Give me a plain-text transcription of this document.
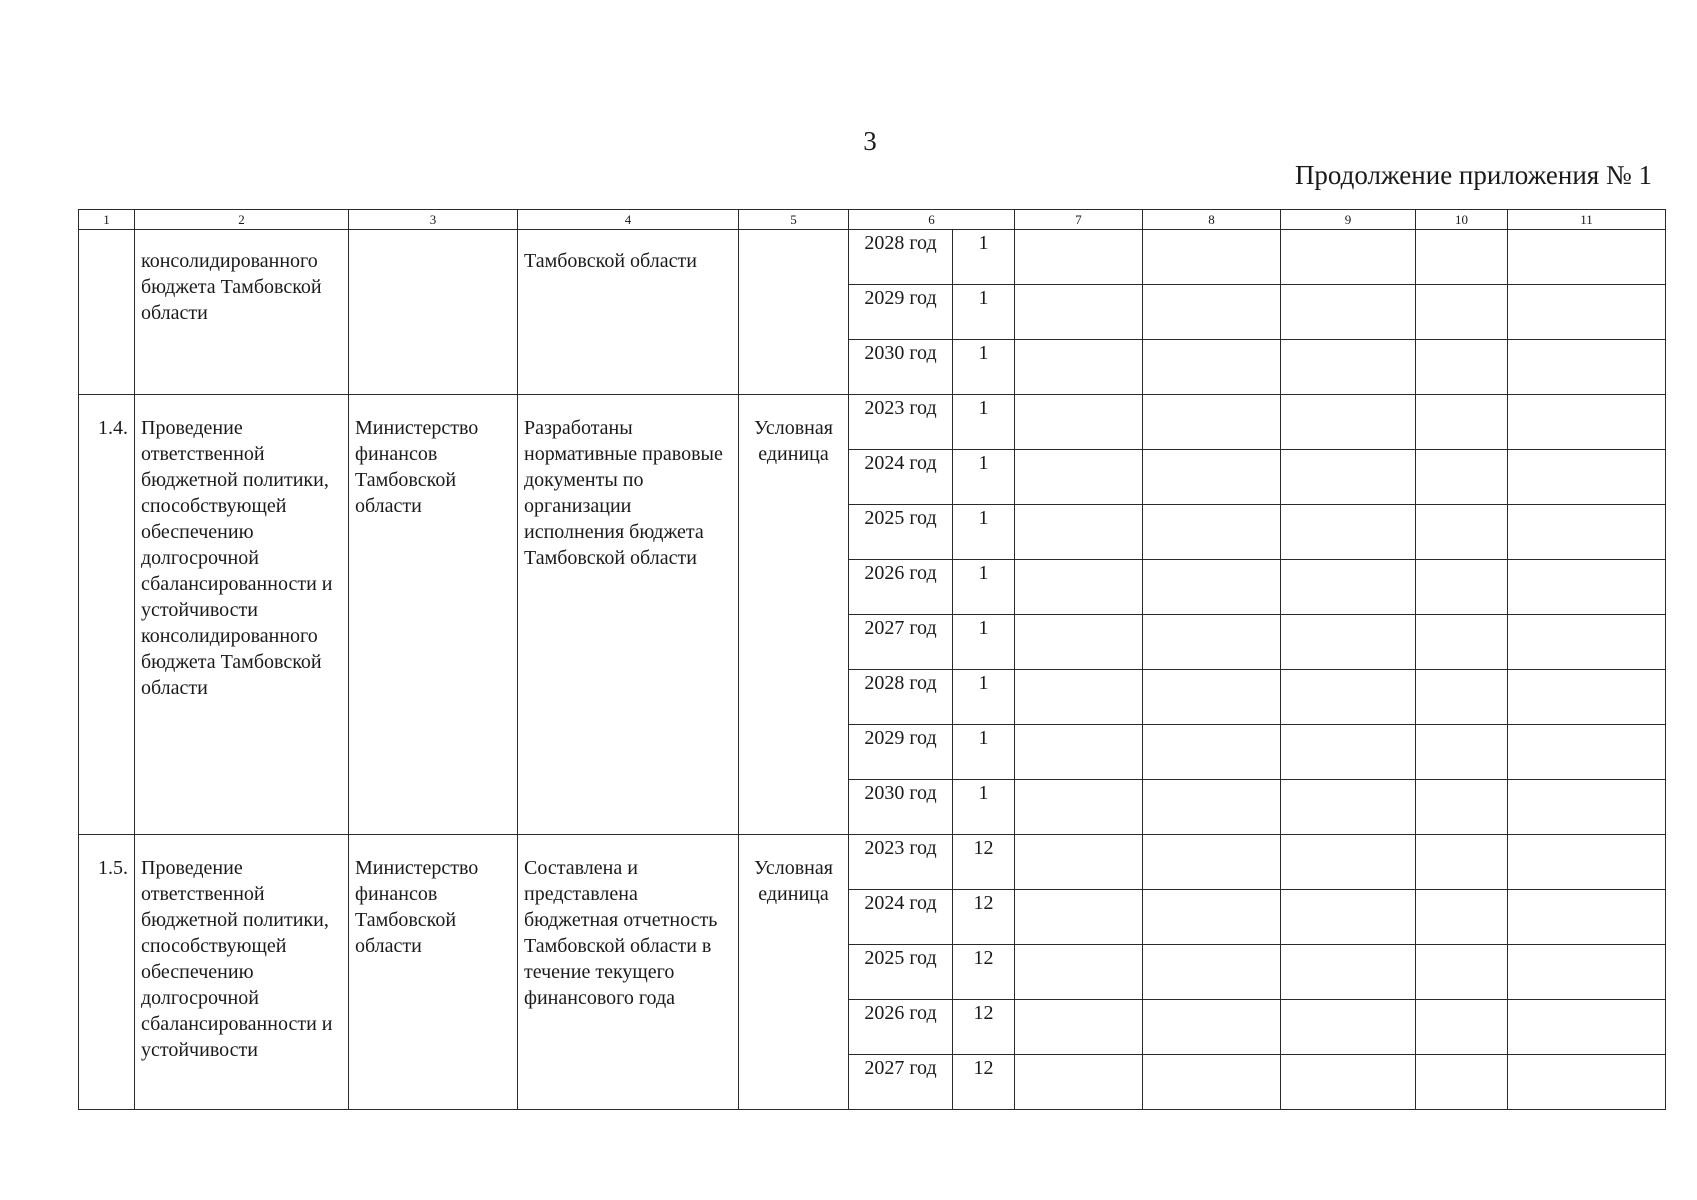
3
Продолжение приложения № 1
1	2	3	4	5	6		7	8	9	10	11

	консолидированного бюджета Тамбовской области		Тамбовской области		2028 год	1					
					2029 год	1					
					2030 год	1					

1.4.	Проведение ответственной бюджетной политики, способствующей обеспечению долгосрочной сбалансированности и устойчивости консолидированного бюджета Тамбовской области	Министерство финансов Тамбовской области	Разработаны нормативные правовые документы по организации исполнения бюджета Тамбовской области	Условная единица	2023 год	1					
					2024 год	1					
					2025 год	1					
					2026 год	1					
					2027 год	1					
					2028 год	1					
					2029 год	1					
					2030 год	1					

1.5.	Проведение ответственной бюджетной политики, способствующей обеспечению долгосрочной сбалансированности и устойчивости	Министерство финансов Тамбовской области	Составлена и представлена бюджетная отчетность Тамбовской области в течение текущего финансового года	Условная единица	2023 год	12					
					2024 год	12					
					2025 год	12					
					2026 год	12					
					2027 год	12					
